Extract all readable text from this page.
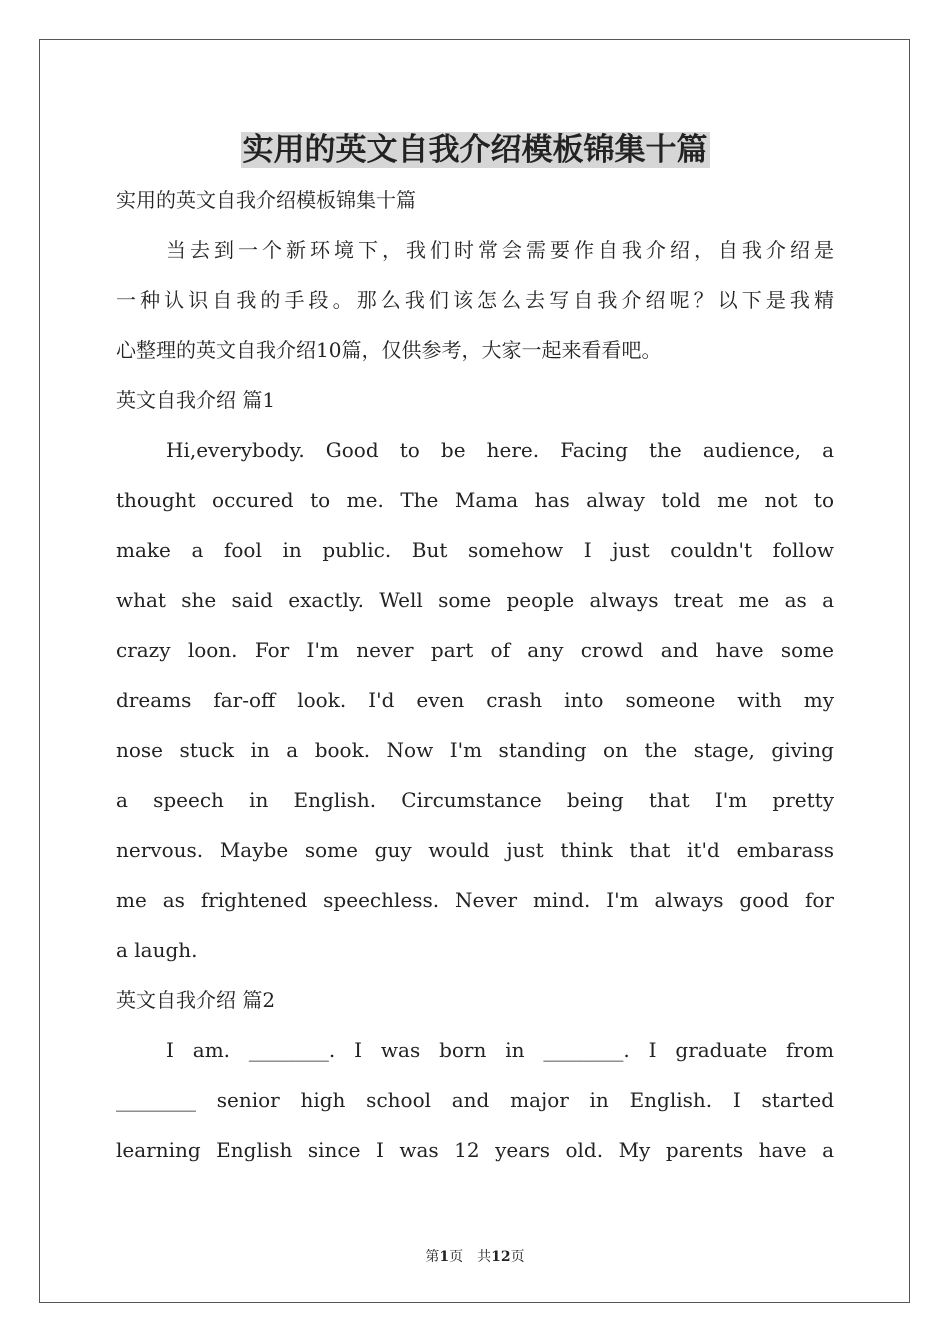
实用的英文自我介绍模板锦集十篇
实用的英文自我介绍模板锦集十篇
当去到一个新环境下，我们时常会需要作自我介绍，自我介绍是
一种认识自我的手段。那么我们该怎么去写自我介绍呢？以下是我精
心整理的英文自我介绍10篇，仅供参考，大家一起来看看吧。
英文自我介绍 篇1
Hi,everybody. Good to be here. Facing the audience, a
thought occured to me. The Mama has alway told me not to
make a fool in public. But somehow I just couldn't follow
what she said exactly. Well some people always treat me as a
crazy loon. For I'm never part of any crowd and have some
dreams far-off look. I'd even crash into someone with my
nose stuck in a book. Now I'm standing on the stage, giving
a speech in English. Circumstance being that I'm pretty
nervous. Maybe some guy would just think that it'd embarass
me as frightened speechless. Never mind. I'm always good for
a laugh.
英文自我介绍 篇2
I am. ________. I was born in ________. I graduate from
________ senior high school and major in English. I started
learning English since I was 12 years old. My parents have a
第1页　共12页
